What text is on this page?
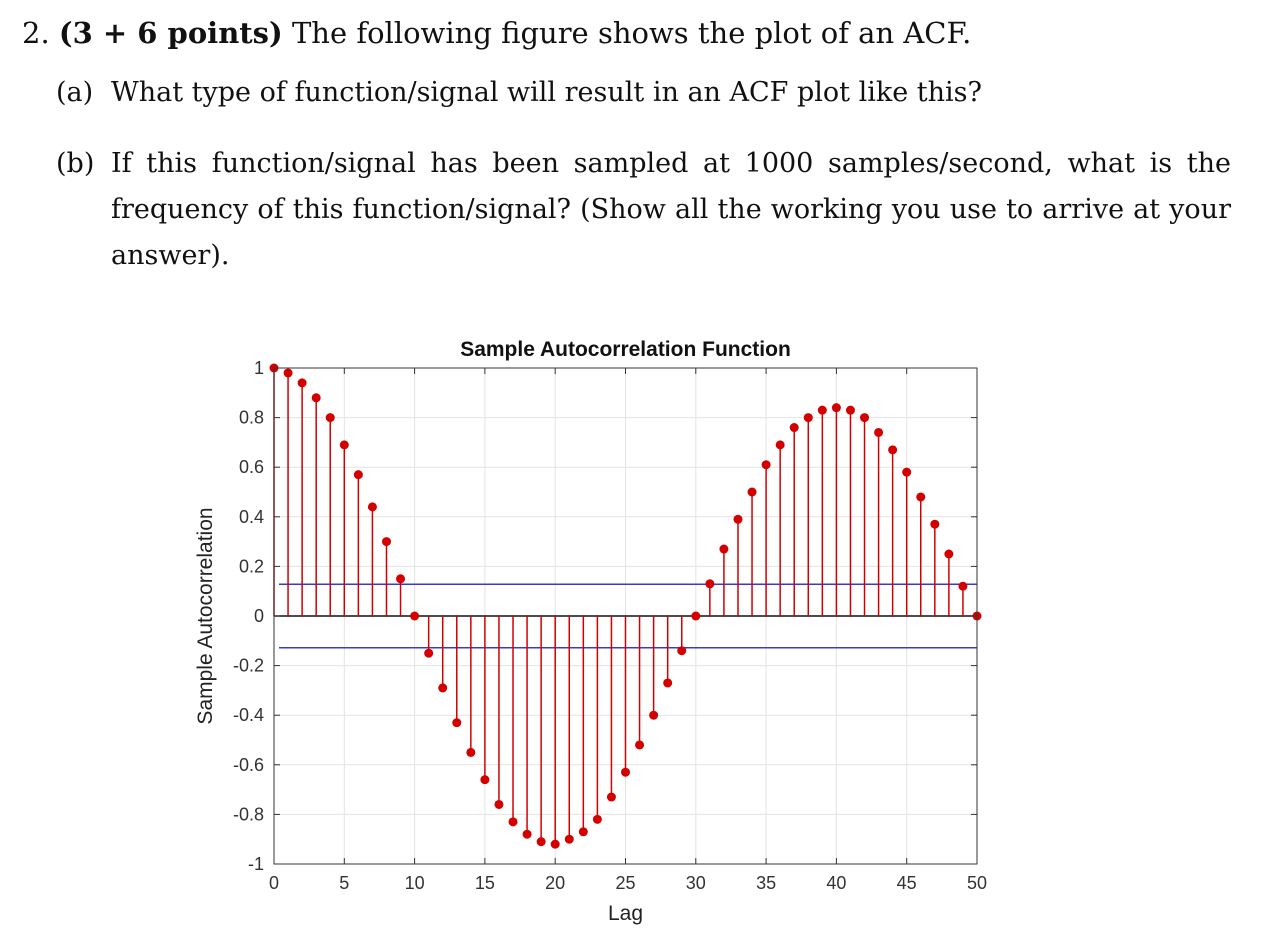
2. (3 + 6 points) The following figure shows the plot of an ACF.
(a) What type of function/signal will result in an ACF plot like this?
(b) If this function/signal has been sampled at 1000 samples/second, what is the frequency of this function/signal? (Show all the working you use to arrive at your answer).
0	5	10	15	20	25	30	35	40	45	50
1
0.8
0.6
0.4
0.2
0
-0.2
-0.4
-0.6
-0.8
-1
Sample Autocorrelation Function
Lag
Sample Autocorrelation
